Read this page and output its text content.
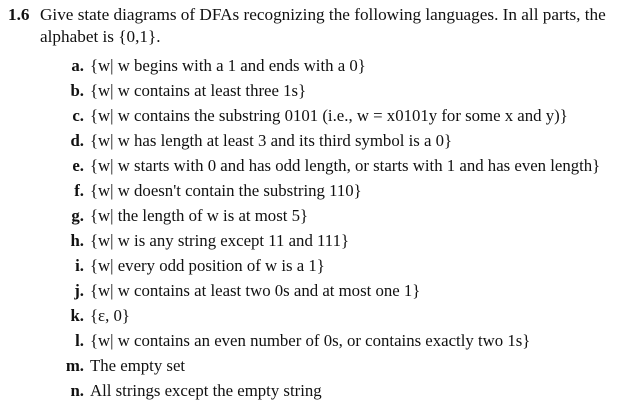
1.6 Give state diagrams of DFAs recognizing the following languages. In all parts, the
alphabet is {0,1}.
a. {w| w begins with a 1 and ends with a 0}
b. {w| w contains at least three 1s}
c. {w| w contains the substring 0101 (i.e., w = x0101y for some x and y)}
d. {w| w has length at least 3 and its third symbol is a 0}
e. {w| w starts with 0 and has odd length, or starts with 1 and has even length}
f. {w| w doesn't contain the substring 110}
g. {w| the length of w is at most 5}
h. {w| w is any string except 11 and 111}
i. {w| every odd position of w is a 1}
j. {w| w contains at least two 0s and at most one 1}
k. {ε, 0}
l. {w| w contains an even number of 0s, or contains exactly two 1s}
m. The empty set
n. All strings except the empty string
